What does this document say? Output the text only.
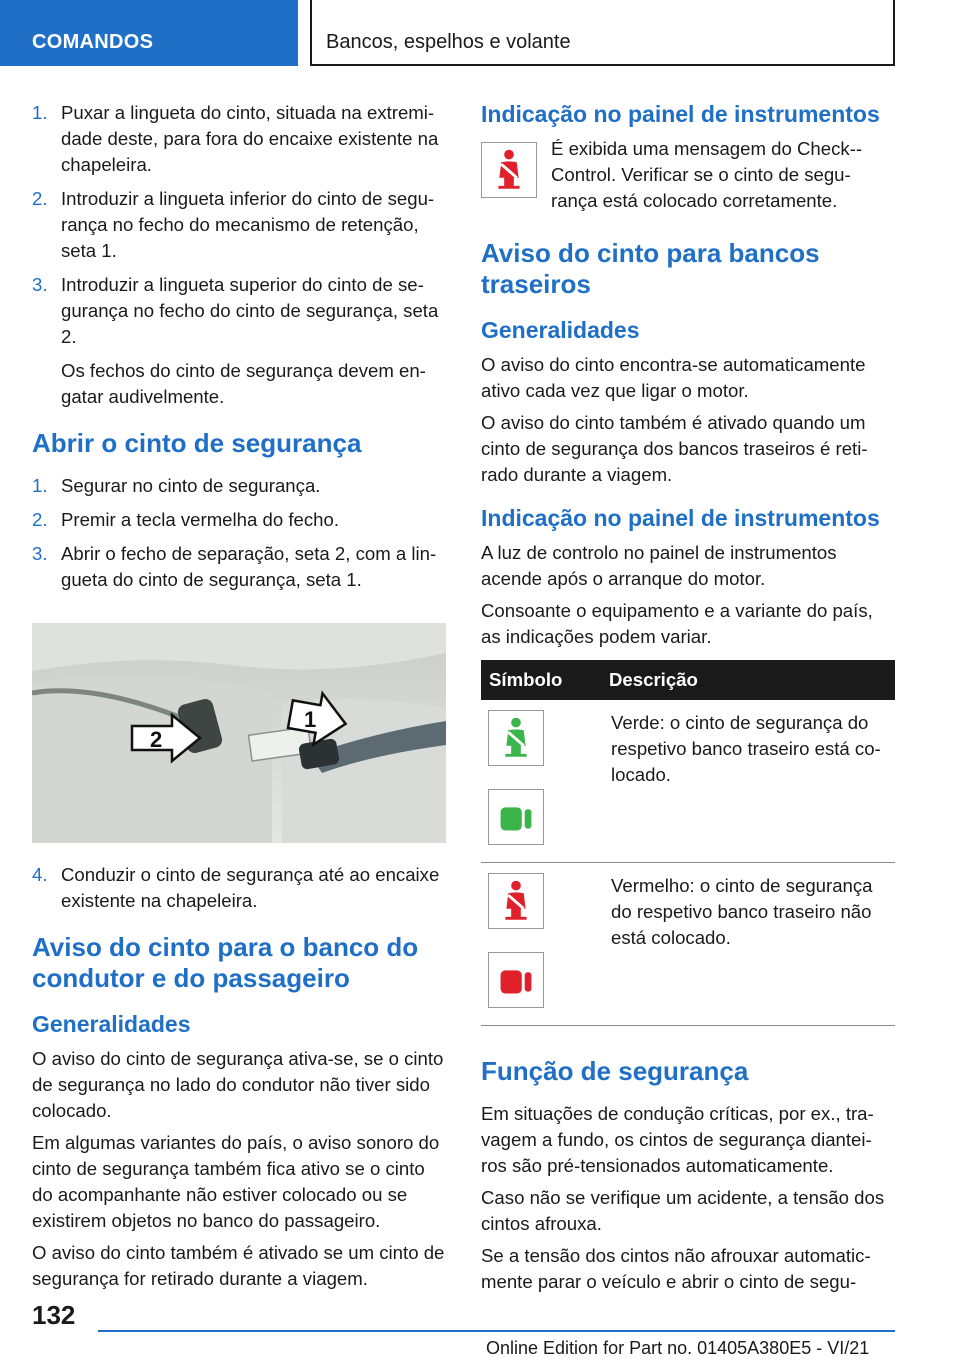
COMANDOS	Bancos, espelhos e volante
1. Puxar a lingueta do cinto, situada na extremi-dade deste, para fora do encaixe existente na chapeleira.
2. Introduzir a lingueta inferior do cinto de segu-rança no fecho do mecanismo de retenção, seta 1.
3. Introduzir a lingueta superior do cinto de se-gurança no fecho do cinto de segurança, seta 2.
Os fechos do cinto de segurança devem en-gatar audivelmente.
Abrir o cinto de segurança
1. Segurar no cinto de segurança.
2. Premir a tecla vermelha do fecho.
3. Abrir o fecho de separação, seta 2, com a lin-gueta do cinto de segurança, seta 1.
2
1
4. Conduzir o cinto de segurança até ao encaixe existente na chapeleira.
Aviso do cinto para o banco do condutor e do passageiro
Generalidades

O aviso do cinto de segurança ativa-se, se o cinto de segurança no lado do condutor não tiver sido colocado.

Em algumas variantes do país, o aviso sonoro do cinto de segurança também fica ativo se o cinto do acompanhante não estiver colocado ou se existirem objetos no banco do passageiro.

O aviso do cinto também é ativado se um cinto de segurança for retirado durante a viagem.

Indicação no painel de instrumentos

É exibida uma mensagem do Check--Control. Verificar se o cinto de segu-rança está colocado corretamente.

Aviso do cinto para bancos traseiros
Generalidades

O aviso do cinto encontra-se automaticamente ativo cada vez que ligar o motor.

O aviso do cinto também é ativado quando um cinto de segurança dos bancos traseiros é reti-rado durante a viagem.

Indicação no painel de instrumentos

A luz de controlo no painel de instrumentos acende após o arranque do motor.

Consoante o equipamento e a variante do país, as indicações podem variar.

Símbolo	Descrição
	Verde: o cinto de segurança do respetivo banco traseiro está co-locado.
	Vermelho: o cinto de segurança do respetivo banco traseiro não está colocado.
Função de segurança

Em situações de condução críticas, por ex., tra-vagem a fundo, os cintos de segurança diantei-ros são pré-tensionados automaticamente.

Caso não se verifique um acidente, a tensão dos cintos afrouxa.

Se a tensão dos cintos não afrouxar automatic-mente parar o veículo e abrir o cinto de segu-

132
Online Edition for Part no. 01405A380E5 - VI/21
